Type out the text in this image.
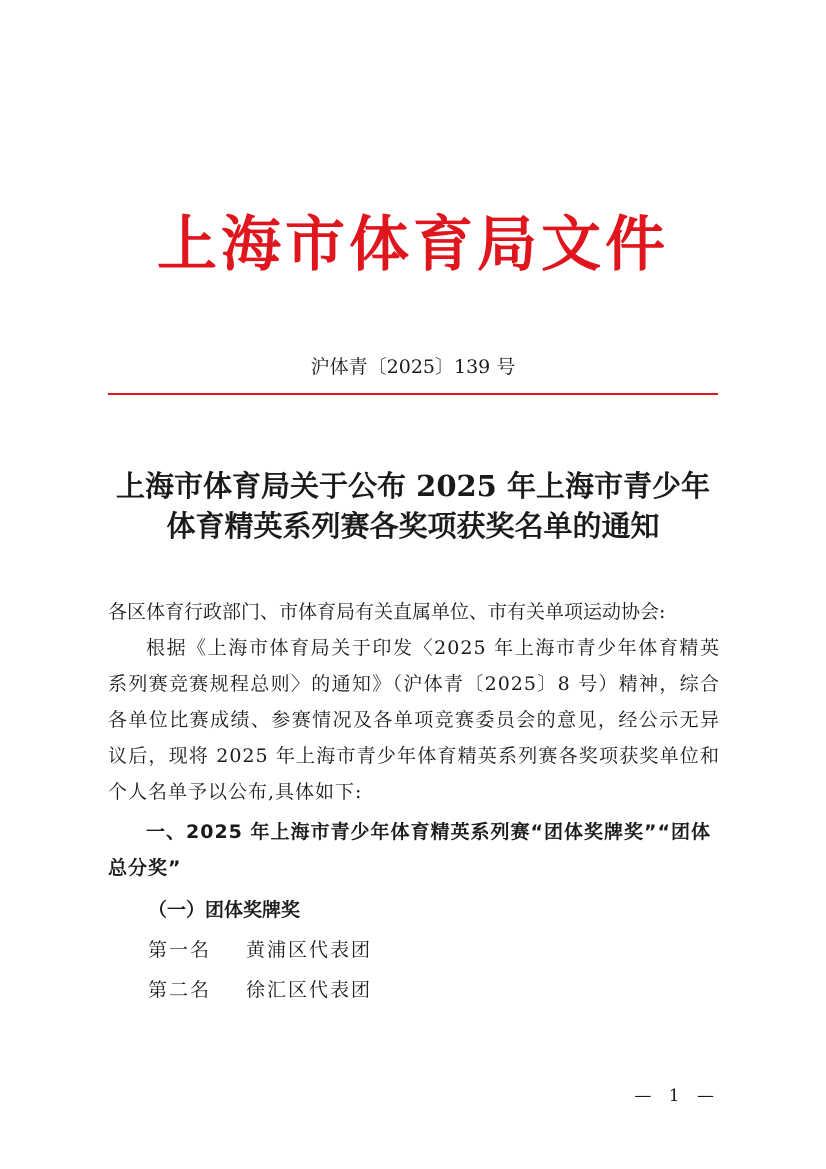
上海市体育局文件
沪体青〔2025〕139 号
上海市体育局关于公布 2025 年上海市青少年
体育精英系列赛各奖项获奖名单的通知
各区体育行政部门、市体育局有关直属单位、市有关单项运动协会:
根据《上海市体育局关于印发〈2025 年上海市青少年体育精英系列赛竞赛规程总则〉的通知》（沪体青〔2025〕8 号）精神，综合各单位比赛成绩、参赛情况及各单项竞赛委员会的意见，经公示无异议后，现将 2025 年上海市青少年体育精英系列赛各奖项获奖单位和个人名单予以公布,具体如下:
一、2025 年上海市青少年体育精英系列赛“团体奖牌奖”“团体总分奖”
（一）团体奖牌奖
第一名 黄浦区代表团
第二名 徐汇区代表团
— 1 —
